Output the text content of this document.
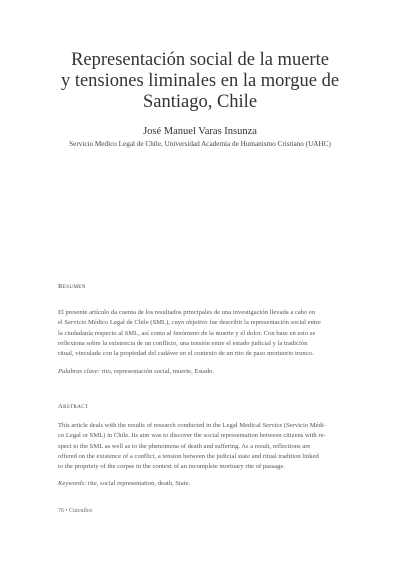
Representación social de la muerte
y tensiones liminales en la morgue de
Santiago, Chile
José Manuel Varas Insunza
Servicio Medico Legal de Chile, Universidad Academia de Humanismo Cristiano (UAHC)
Resumen
El presente artículo da cuenta de los resultados principales de una investigación llevada a cabo en
el Servicio Médico Legal de Chile (SML), cuyo objetivo fue describir la representación social entre
la ciudadanía respecto al SML, así como al fenómeno de la muerte y el dolor. Con base en esto se
reflexiona sobre la existencia de un conflicto, una tensión entre el estado judicial y la tradición
ritual, vinculada con la propiedad del cadáver en el contexto de un rito de paso mortuorio trunco.
Palabras clave: rito, representación social, muerte, Estado.
Abstract
This article deals with the results of research conducted in the Legal Medical Service (Servicio Médi-
co Legal or SML) in Chile. Its aim was to discover the social representation between citizens with re-
spect to the SML as well as to the phenomena of death and suffering. As a result, reflections are
offered on the existence of a conflict, a tension between the judicial state and ritual tradition linked
to the propriety of the corpse in the context of an incomplete mortuary rite of passage.
Keywords: rite, social representation, death, State.
76 • Cuicuilco
